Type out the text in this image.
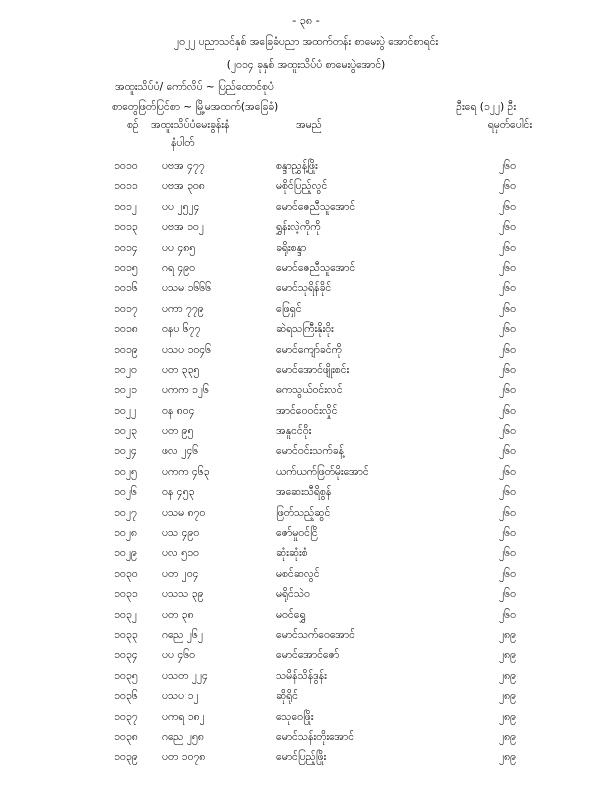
- ၃၈ -
၂၀၂၂ ပညာသင်နှစ် အခြေခံပညာ အထက်တန်း စာမေးပွဲ အောင်စာရင်း
(၂၀၁၄ ခုနှစ် အထူးသိပ်ပံ စာမေးပွဲအောင်)
အထူးသိပ်ပံ/ ကော်လိပ် ~ ပြည်ထောင်စုပံ
စာတွေဖြတ်ပြင်စာ ~ မြို့မအထက်(အခြေခံ)	ဦးရေ (၁၂၂) ဦး
စဉ် အထူးသိပ်ပံမေးခွန်းနံ
နံပါတ်
အမည်	ရမှတ်ပေါင်း
၁၀၁၀ ပဗအ ၄၇၇	စန္ဒာညွှန့်ဖြိုး	၂၆၀
၁၀၁၁ ပဗအ ၃၀၈	မစိုင်ပြည့်လွင်	၂၆၀
၁၀၁၂ ပပ ၂၅၂၄	မောင်ဇေညီသူအောင်	၂၆၀
၁၀၁၃ ပဗအ ၁၀၂	ရွှန်းလဲ့ကိုကို	၂၆၀
၁၀၁၄ ပပ ၄၈၅	ခရိုးစန္ဒာ	၂၆၀
၁၀၁၅ ဂရ ၄၉၀	မောင်ဇေညီသူအောင်	၂၆၀
၁၀၁၆ ပသမ ၁၆၆၆	မောင်သုရိန်ခိုင်	၂၆၀
၁၀၁၇ ပကာ ၇၇၉	ဖြေရှင်	၂၆၀
၁၀၁၈ ဝနပ ၆၇၇	ဆဲရသကြီးနိုးဝိုး	၂၆၀
၁၀၁၉ ပသပ ၁၀၄၆	မောင်ကျော်ခင်ကို	၂၆၀
၁၀၂၀ ပတ ၃၃၅	မောင်အောင်ဖျိုးစင်း	၂၆၀
၁၀၂၁ ပကက ၁၂၆	ဓကသွယ်ဝင်းလင်	၂၆၀
၁၀၂၂ ဝန ၈၀၄	အာင်ဝေဝင်းလှိုင်	၂၆၀
၁၀၂၃ ပတ ၉၅	အနူငင်ဝိုး	၂၆၀
၁၀၂၄ ဖလ ၂၄၆	မောင်ဝင်းသက်ခန့်	၂၆၀
၁၀၂၅ ပကက ၄၆၃	ယက်ယက်ဖြတ်မိုးအောင်	၂၆၀
၁၀၂၆ ဝန ၄၅၃	အဆေးသီရိစွန်	၂၆၀
၁၀၂၇ ပသမ ၈၇၀	ဖြတ်သည့်ဆွင်	၂၆၀
၁၀၂၈ ပသ ၄၉၀	ဇော်မှုဝင်ငြိ	၂၆၀
၁၀၂၉ ပလ ၅၁၀	ဆုံးဆုံးစံ	၂၆၀
၁၀၃၀ ပတ ၂၀၄	မစင်ဆလွင်	၂၆၀
၁၀၃၁ ပသသ ၃၉	မရိုင်သဲဝ	၂၆၀
၁၀၃၂ ပတ ၃၈	မဝင်ရွှေ	၂၆၀
၁၀၃၃ ဂညေ ၂၆၂	မောင်သက်ဝေအောင်	၂၈၉
၁၀၃၄ ပပ ၄၆၀	မောင်အောင်ဇော်	၂၈၉
၁၀၃၅ ပသတ ၂၂၄	သမိန်သိန်ဒွန်း	၂၈၉
၁၀၃၆ ပသပ ၁၂	ဆိုရိုင်	၂၈၉
၁၀၃၇ ပကရ ၁၈၂	သေုဝေဖြိုး	၂၈၉
၁၀၃၈ ဂညေ ၂၅၈	မောင်သန်းတိုးအောင်	၂၈၉
၁၀၃၉ ပတ ၁၀၇၈	မောင်ပြည့်ဖြိုး	၂၈၉
